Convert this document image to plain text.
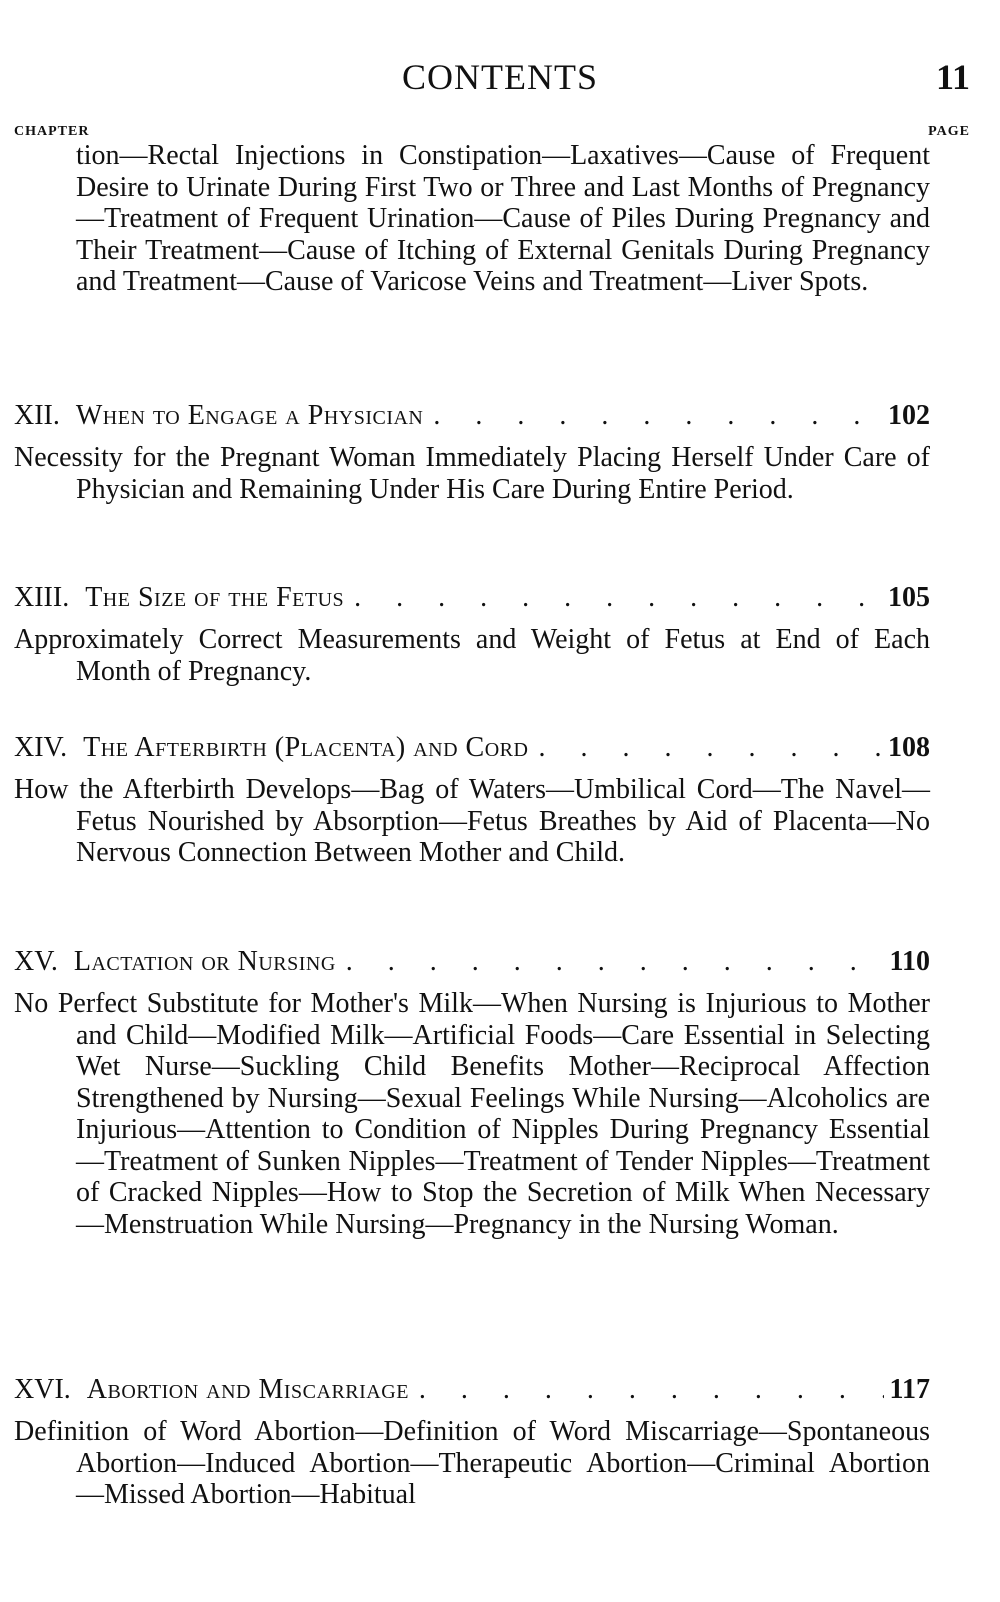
CONTENTS	11
CHAPTER	PAGE
tion—Rectal Injections in Constipation—Laxatives—Cause of Frequent Desire to Urinate During First Two or Three and Last Months of Pregnancy—Treatment of Frequent Urination—Cause of Piles During Pregnancy and Their Treatment—Cause of Itching of External Genitals During Pregnancy and Treatment—Cause of Varicose Veins and Treatment—Liver Spots.
XII. When to Engage a Physician . . .	102
Necessity for the Pregnant Woman Immediately Placing Herself Under Care of Physician and Remaining Under His Care During Entire Period.
XIII. The Size of the Fetus . . .	105
Approximately Correct Measurements and Weight of Fetus at End of Each Month of Pregnancy.
XIV. The Afterbirth (Placenta) and Cord . . .	108
How the Afterbirth Develops—Bag of Waters—Umbilical Cord—The Navel—Fetus Nourished by Absorption—Fetus Breathes by Aid of Placenta—No Nervous Connection Between Mother and Child.
XV. Lactation or Nursing . . .	110
No Perfect Substitute for Mother's Milk—When Nursing is Injurious to Mother and Child—Modified Milk—Artificial Foods—Care Essential in Selecting Wet Nurse—Suckling Child Benefits Mother—Reciprocal Affection Strengthened by Nursing—Sexual Feelings While Nursing—Alcoholics are Injurious—Attention to Condition of Nipples During Pregnancy Essential—Treatment of Sunken Nipples—Treatment of Tender Nipples—Treatment of Cracked Nipples—How to Stop the Secretion of Milk When Necessary—Menstruation While Nursing—Pregnancy in the Nursing Woman.
XVI. Abortion and Miscarriage . . .	117
Definition of Word Abortion—Definition of Word Miscarriage—Spontaneous Abortion—Induced Abortion—Therapeutic Abortion—Criminal Abortion—Missed Abortion—Habitual
